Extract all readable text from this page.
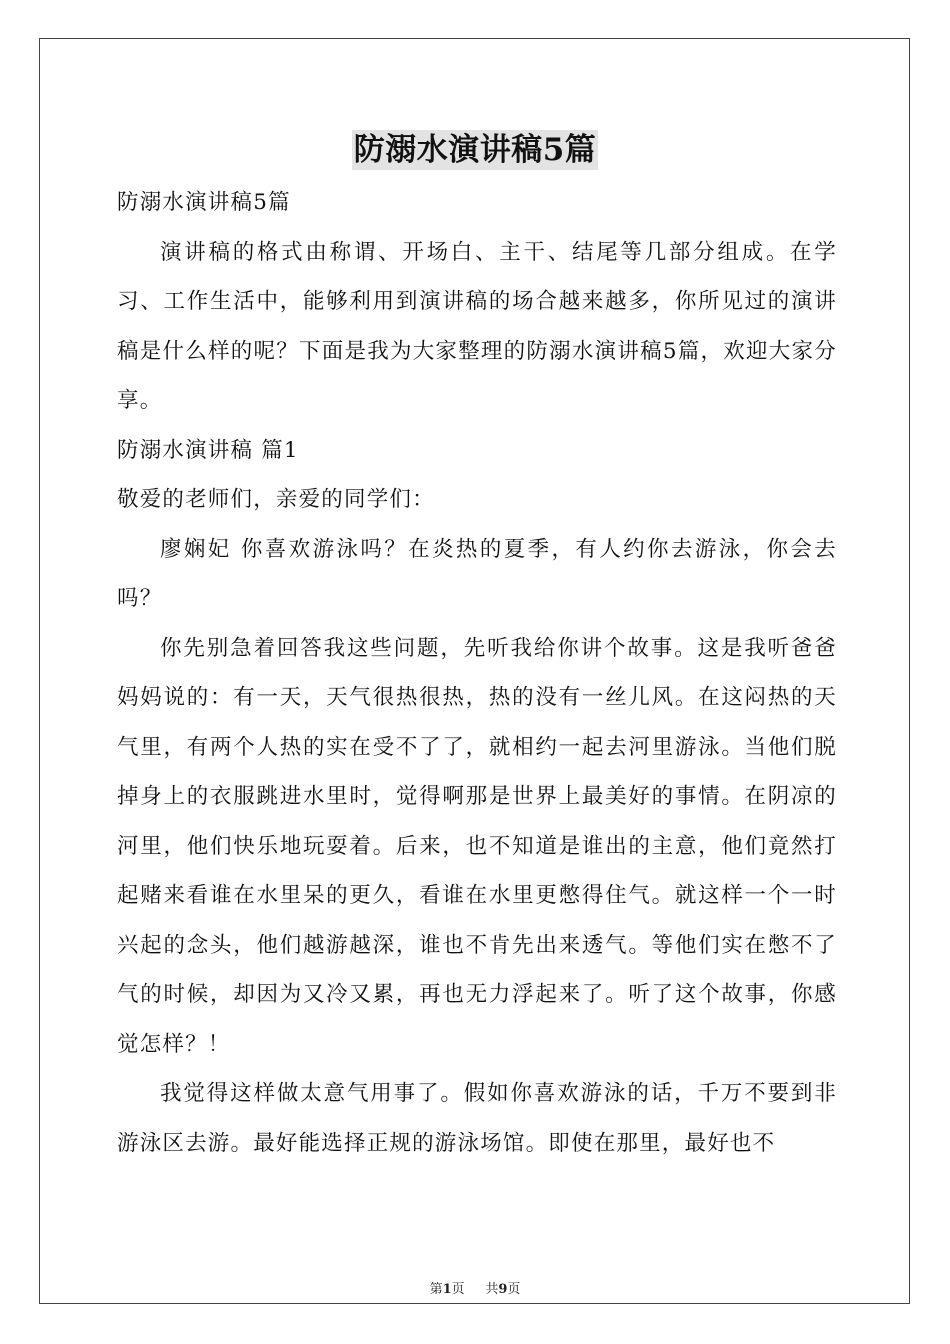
防溺水演讲稿5篇

防溺水演讲稿5篇

演讲稿的格式由称谓、开场白、主干、结尾等几部分组成。在学习、工作生活中，能够利用到演讲稿的场合越来越多，你所见过的演讲稿是什么样的呢？下面是我为大家整理的防溺水演讲稿5篇，欢迎大家分享。

防溺水演讲稿 篇1

敬爱的老师们，亲爱的同学们：

廖娴妃 你喜欢游泳吗？在炎热的夏季，有人约你去游泳，你会去吗？

你先别急着回答我这些问题，先听我给你讲个故事。这是我听爸爸妈妈说的：有一天，天气很热很热，热的没有一丝儿风。在这闷热的天气里，有两个人热的实在受不了了，就相约一起去河里游泳。当他们脱掉身上的衣服跳进水里时，觉得啊那是世界上最美好的事情。在阴凉的河里，他们快乐地玩耍着。后来，也不知道是谁出的主意，他们竟然打起赌来看谁在水里呆的更久，看谁在水里更憋得住气。就这样一个一时兴起的念头，他们越游越深，谁也不肯先出来透气。等他们实在憋不了气的时候，却因为又冷又累，再也无力浮起来了。听了这个故事，你感觉怎样？！

我觉得这样做太意气用事了。假如你喜欢游泳的话，千万不要到非游泳区去游。最好能选择正规的游泳场馆。即使在那里，最好也不

第1页 共9页
